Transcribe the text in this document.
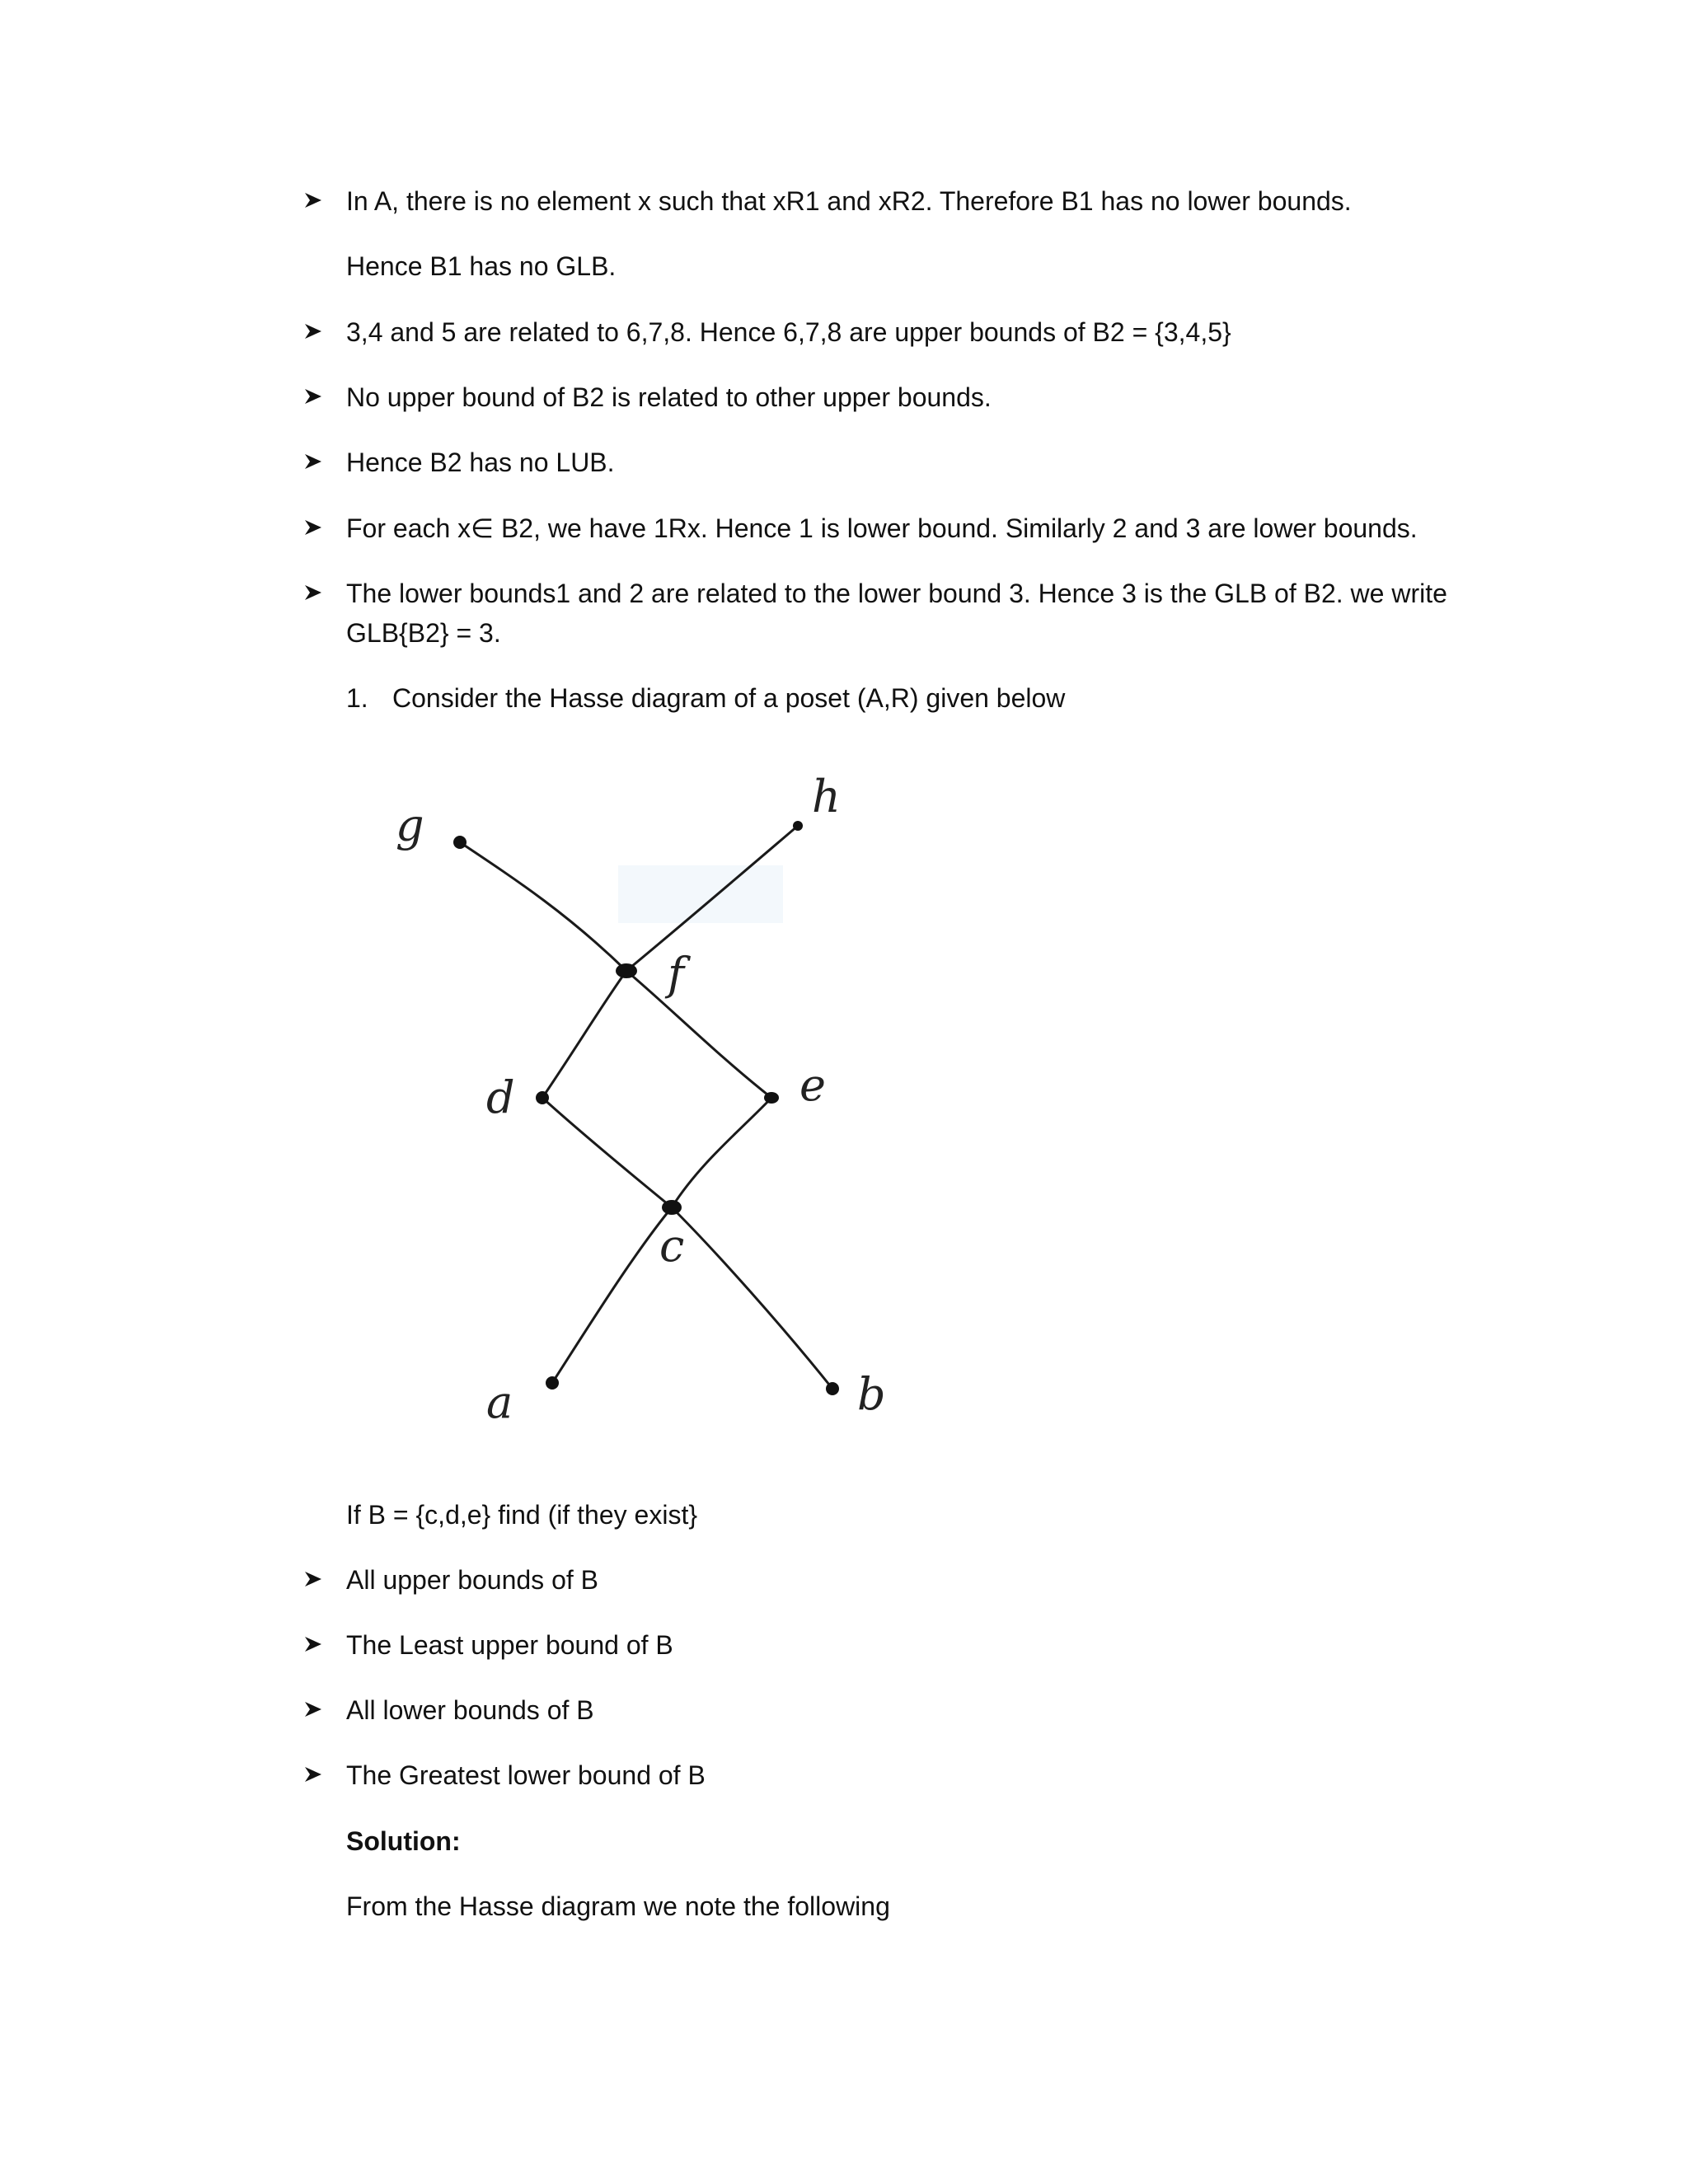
In A, there is no element x such that xR1 and xR2. Therefore B1 has no lower bounds.
Hence B1 has no GLB.
3,4 and 5 are related to 6,7,8. Hence 6,7,8 are upper bounds of B2 = {3,4,5}
No upper bound of B2 is related to other upper bounds.
Hence B2 has no LUB.
For each x∈ B2, we have 1Rx. Hence 1 is lower bound. Similarly 2 and 3 are lower bounds.
The lower bounds1 and 2 are related to the lower bound 3. Hence 3 is the GLB of B2. we write
GLB{B2} = 3.
1. Consider the Hasse diagram of a poset (A,R) given below
g
h
f
d	e
c
a	b
If B = {c,d,e} find (if they exist}
All upper bounds of B
The Least upper bound of B
All lower bounds of B
The Greatest lower bound of B
Solution:
From the Hasse diagram we note the following
